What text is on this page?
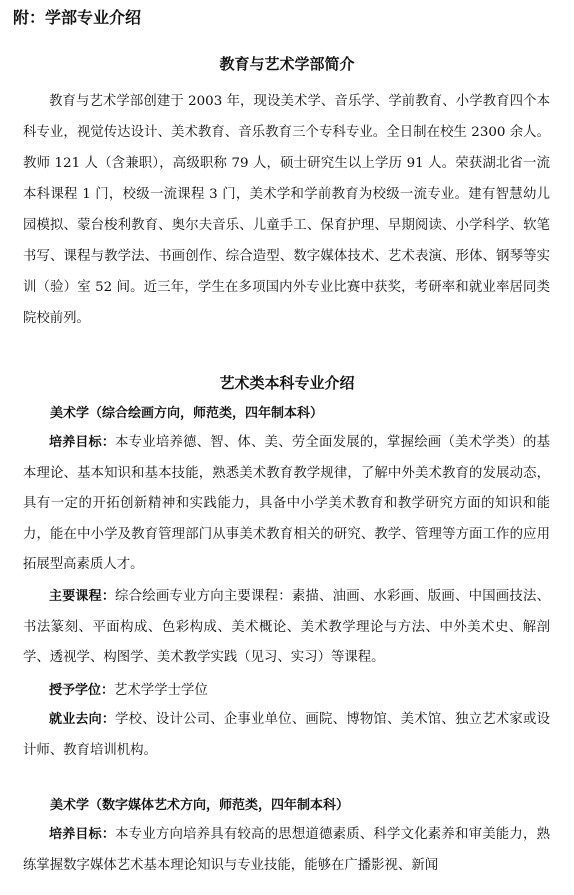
附：学部专业介绍
教育与艺术学部简介

教育与艺术学部创建于 2003 年，现设美术学、音乐学、学前教育、小学教育四个本科专业，视觉传达设计、美术教育、音乐教育三个专科专业。全日制在校生 2300 余人。教师 121 人（含兼职），高级职称 79 人，硕士研究生以上学历 91 人。荣获湖北省一流本科课程 1 门，校级一流课程 3 门，美术学和学前教育为校级一流专业。建有智慧幼儿园模拟、蒙台梭利教育、奥尔夫音乐、儿童手工、保育护理、早期阅读、小学科学、软笔书写、课程与教学法、书画创作、综合造型、数字媒体技术、艺术表演、形体、钢琴等实训（验）室 52 间。近三年，学生在多项国内外专业比赛中获奖，考研率和就业率居同类院校前列。

艺术类本科专业介绍
美术学（综合绘画方向，师范类，四年制本科）

培养目标：本专业培养德、智、体、美、劳全面发展的，掌握绘画（美术学类）的基本理论、基本知识和基本技能，熟悉美术教育教学规律，了解中外美术教育的发展动态，具有一定的开拓创新精神和实践能力，具备中小学美术教育和教学研究方面的知识和能力，能在中小学及教育管理部门从事美术教育相关的研究、教学、管理等方面工作的应用拓展型高素质人才。

主要课程：综合绘画专业方向主要课程：素描、油画、水彩画、版画、中国画技法、书法篆刻、平面构成、色彩构成、美术概论、美术教学理论与方法、中外美术史、解剖学、透视学、构图学、美术教学实践（见习、实习）等课程。

授予学位：艺术学学士学位

就业去向：学校、设计公司、企事业单位、画院、博物馆、美术馆、独立艺术家或设计师、教育培训机构。

美术学（数字媒体艺术方向，师范类，四年制本科）

培养目标：本专业方向培养具有较高的思想道德素质、科学文化素养和审美能力，熟练掌握数字媒体艺术基本理论知识与专业技能，能够在广播影视、新闻
